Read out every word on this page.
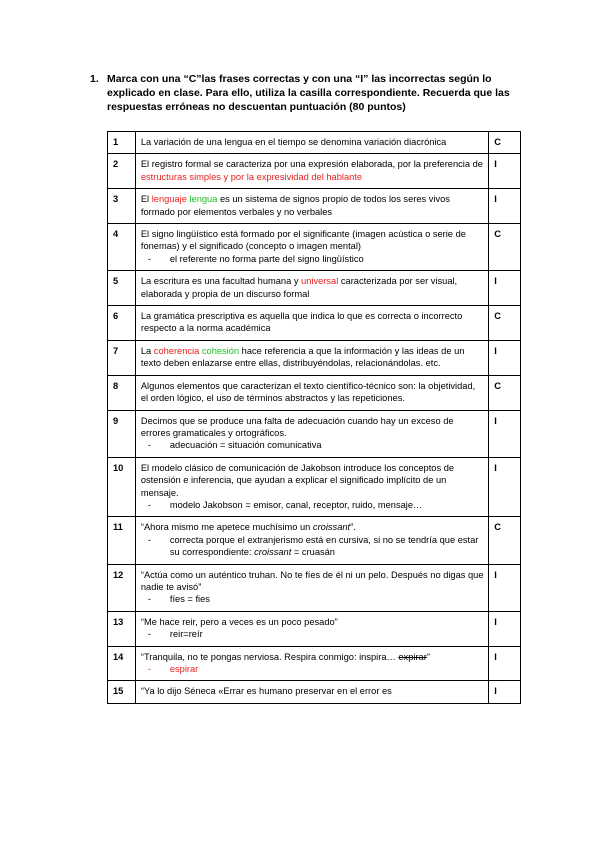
1. Marca con una “C”las frases correctas y con una “I” las incorrectas según lo explicado en clase. Para ello, utiliza la casilla correspondiente. Recuerda que las respuestas erróneas no descuentan puntuación (80 puntos)
1	La variación de una lengua en el tiempo se denomina variación diacrónica	C
2	El registro formal se caracteriza por una expresión elaborada, por la preferencia de estructuras simples y por la expresividad del hablante	I
3	El lenguaje lengua es un sistema de signos propio de todos los seres vivos formado por elementos verbales y no verbales	I
4	El signo lingüístico está formado por el significante (imagen acústica o serie de fonemas) y el significado (concepto o imagen mental)
- el referente no forma parte del signo lingüístico	C
5	La escritura es una facultad humana y universal caracterizada por ser visual, elaborada y propia de un discurso formal	I
6	La gramática prescriptiva es aquella que indica lo que es correcta o incorrecto respecto a la norma académica	C
7	La coherencia cohesión hace referencia a que la información y las ideas de un texto deben enlazarse entre ellas, distribuyéndolas, relacionándolas. etc.	I
8	Algunos elementos que caracterizan el texto científico-técnico son: la objetividad, el orden lógico, el uso de términos abstractos y las repeticiones.	C
9	Decimos que se produce una falta de adecuación cuando hay un exceso de errores gramaticales y ortográficos.
- adecuación = situación comunicativa	I
10	El modelo clásico de comunicación de Jakobson introduce los conceptos de ostensión e inferencia, que ayudan a explicar el significado implícito de un mensaje.
- modelo Jakobson = emisor, canal, receptor, ruido, mensaje…	I
11	“Ahora mismo me apetece muchísimo un croissant”.
- correcta porque el extranjerismo está en cursiva, si no se tendría que estar su correspondiente: croissant = cruasán	C
12	“Actúa como un auténtico truhan. No te fíes de él ni un pelo. Después no digas que nadie te avisó”
- fíes = fies	I
13	“Me hace reir, pero a veces es un poco pesado”
- reir=reír	I
14	“Tranquila, no te pongas nerviosa. Respira conmigo: inspira… expirar”
- espirar	I
15	“Ya lo dijo Séneca «Errar es humano preservar en el error es	I
